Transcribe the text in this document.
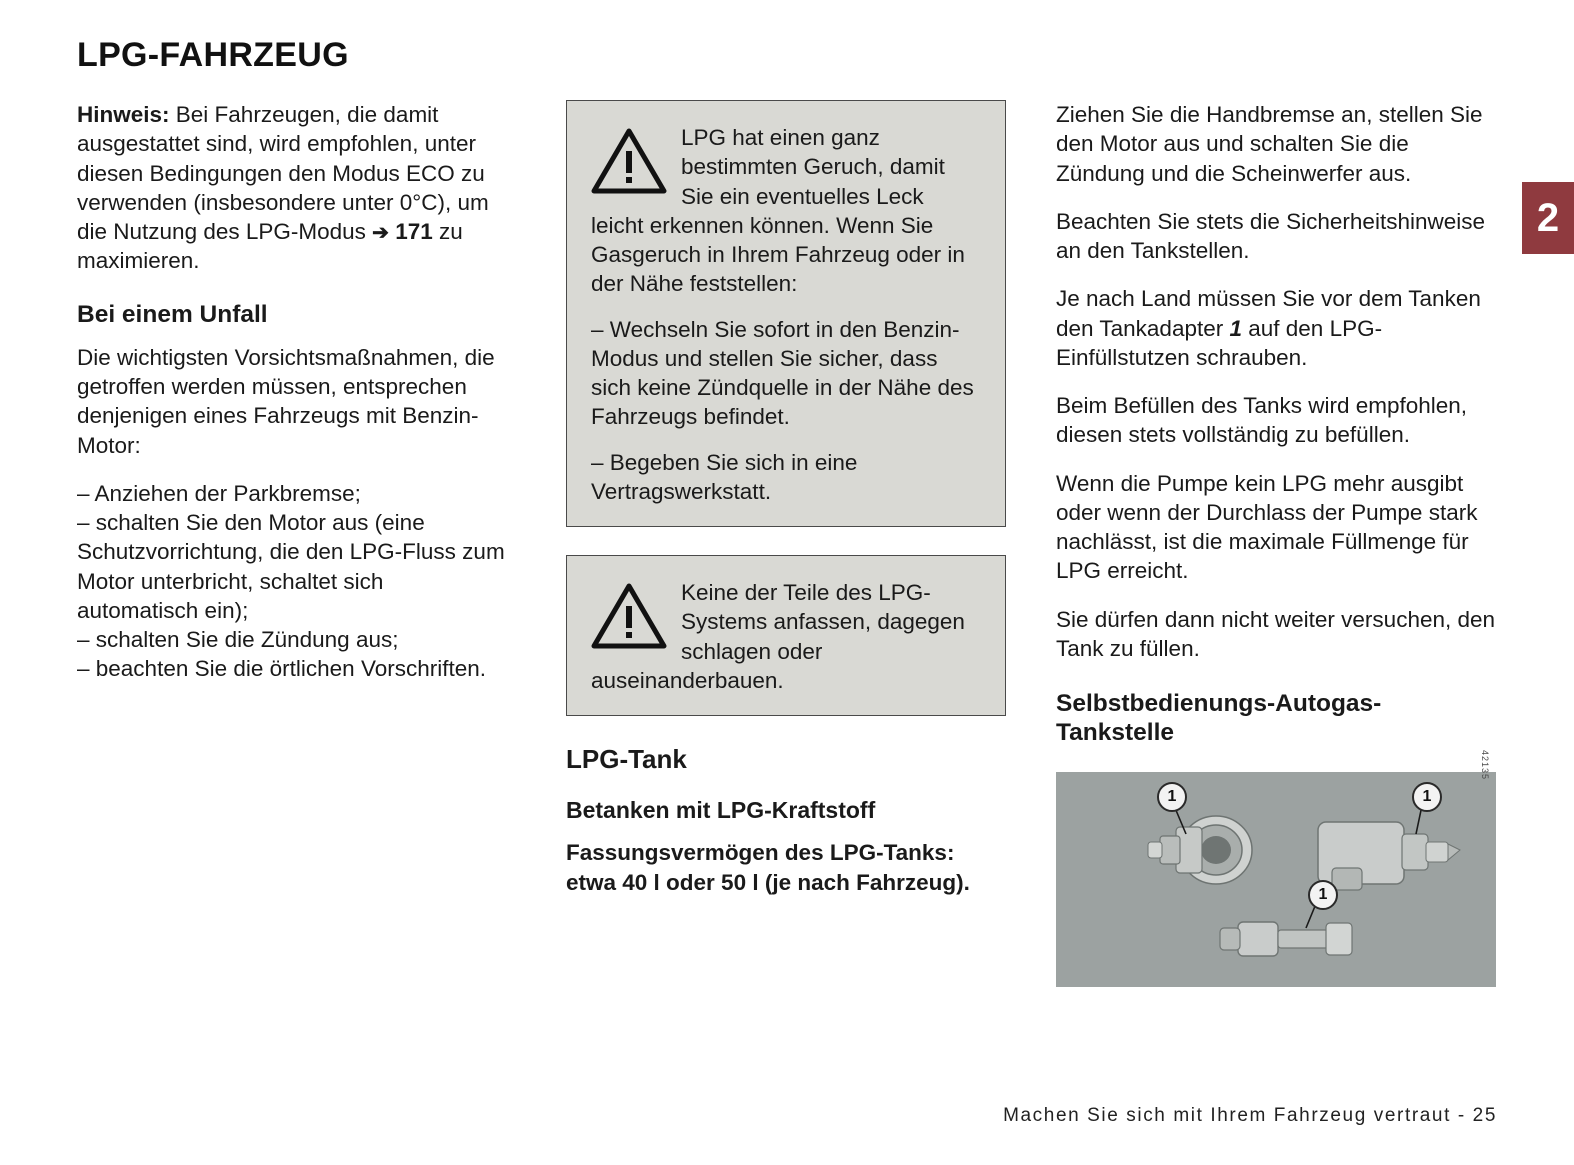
2
LPG-FAHRZEUG

Hinweis: Bei Fahrzeugen, die damit ausgestattet sind, wird empfohlen, unter diesen Bedingungen den Modus ECO zu verwenden (insbesondere unter 0°C), um die Nutzung des LPG-Modus ➔ 171 zu maximieren.

Bei einem Unfall

Die wichtigsten Vorsichtsmaßnahmen, die getroffen werden müssen, entsprechen denjenigen eines Fahrzeugs mit Benzin-Motor:

– Anziehen der Parkbremse;
– schalten Sie den Motor aus (eine Schutzvorrichtung, die den LPG-Fluss zum Motor unterbricht, schaltet sich automatisch ein);
– schalten Sie die Zündung aus;
– beachten Sie die örtlichen Vorschriften.

LPG hat einen ganz bestimmten Geruch, damit Sie ein eventuelles Leck leicht erkennen können. Wenn Sie Gasgeruch in Ihrem Fahrzeug oder in der Nähe feststellen:

– Wechseln Sie sofort in den Benzin-Modus und stellen Sie sicher, dass sich keine Zündquelle in der Nähe des Fahrzeugs befindet.

– Begeben Sie sich in eine Vertragswerkstatt.

Keine der Teile des LPG-Systems anfassen, dagegen schlagen oder auseinanderbauen.

LPG-Tank
Betanken mit LPG-Kraftstoff

Fassungsvermögen des LPG-Tanks: etwa 40 l oder 50 l (je nach Fahrzeug).

Ziehen Sie die Handbremse an, stellen Sie den Motor aus und schalten Sie die Zündung und die Scheinwerfer aus.

Beachten Sie stets die Sicherheitshinweise an den Tankstellen.

Je nach Land müssen Sie vor dem Tanken den Tankadapter 1 auf den LPG-Einfüllstutzen schrauben.

Beim Befüllen des Tanks wird empfohlen, diesen stets vollständig zu befüllen.

Wenn die Pumpe kein LPG mehr ausgibt oder wenn der Durchlass der Pumpe stark nachlässt, ist die maximale Füllmenge für LPG erreicht.

Sie dürfen dann nicht weiter versuchen, den Tank zu füllen.

Selbstbedienungs-Autogas-Tankstelle
1	1
1
42135
Machen Sie sich mit Ihrem Fahrzeug vertraut - 25
